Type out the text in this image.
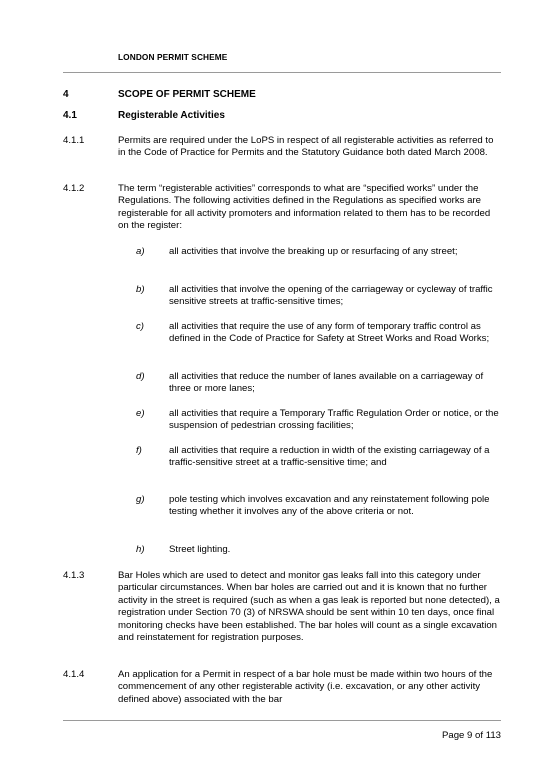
LONDON PERMIT SCHEME
4	SCOPE OF PERMIT SCHEME
4.1	Registerable Activities
4.1.1	Permits are required under the LoPS in respect of all registerable activities as referred to in the Code of Practice for Permits and the Statutory Guidance both dated March 2008.
4.1.2	The term “registerable activities” corresponds to what are “specified works” under the Regulations. The following activities defined in the Regulations as specified works are registerable for all activity promoters and information related to them has to be recorded on the register:
a)	all activities that involve the breaking up or resurfacing of any street;
b)	all activities that involve the opening of the carriageway or cycleway of traffic sensitive streets at traffic-sensitive times;
c)	all activities that require the use of any form of temporary traffic control as defined in the Code of Practice for Safety at Street Works and Road Works;
d)	all activities that reduce the number of lanes available on a carriageway of three or more lanes;
e)	all activities that require a Temporary Traffic Regulation Order or notice, or the suspension of pedestrian crossing facilities;
f)	all activities that require a reduction in width of the existing carriageway of a traffic-sensitive street at a traffic-sensitive time; and
g)	pole testing which involves excavation and any reinstatement following pole testing whether it involves any of the above criteria or not.
h)	Street lighting.
4.1.3	Bar Holes which are used to detect and monitor gas leaks fall into this category under particular circumstances. When bar holes are carried out and it is known that no further activity in the street is required (such as when a gas leak is reported but none detected), a registration under Section 70 (3) of NRSWA should be sent within 10 ten days, once final monitoring checks have been established. The bar holes will count as a single excavation and reinstatement for registration purposes.
4.1.4	An application for a Permit in respect of a bar hole must be made within two hours of the commencement of any other registerable activity (i.e. excavation, or any other activity defined above) associated with the bar
Page 9 of 113
